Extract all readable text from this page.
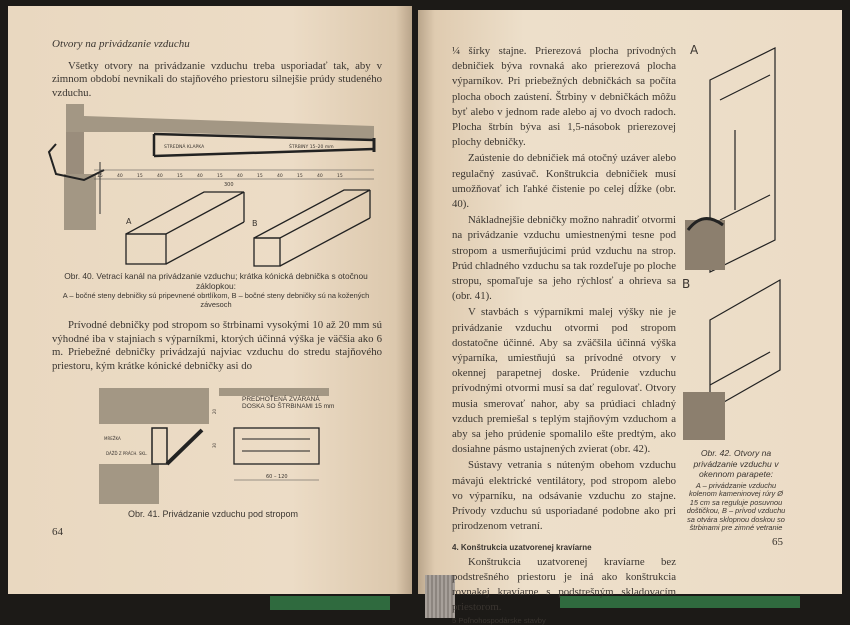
Otvory na privádzanie vzduchu

Všetky otvory na privádzanie vzduchu treba usporiadať tak, aby v zimnom období nevnikali do stajňového priestoru silnejšie prúdy studeného vzduchu.

STREDNÁ KLAPKA	ŠTRBINY 15–20 mm
300
15	40	15	40	15	40	15	40	15	40	15	40	15
A	B
Obr. 40. Vetrací kanál na privádzanie vzduchu; krátka kónická debnička s otočnou záklopkou:
A – bočné steny debničky sú pripevnené obrtlíkom, B – bočné steny debničky sú na kožených závesoch

Prívodné debničky pod stropom so štrbinami vysokými 10 až 20 mm sú výhodné iba v stajniach s výparníkmi, ktorých účinná výška je väčšia ako 6 m. Priebežné debničky privádzajú najviac vzduchu do stredu stajňového priestoru, kým krátke kónické debničky asi do

MREŽKA
DÁŽĎ Z PRÁCH. SKL.
20
30
60 – 120
PREDHOŤENÁ ZVÁRANÁ DOSKA SO ŠTRBINAMI 15 mm
Obr. 41. Privádzanie vzduchu pod stropom
64

¼ šírky stajne. Prierezová plocha prívodných debničiek býva rovnaká ako prierezová plocha výparníkov. Pri priebežných debničkách sa počíta plocha oboch zaústení. Štrbiny v debničkách môžu byť alebo v jednom rade alebo aj vo dvoch radoch. Plocha štrbín býva asi 1,5-násobok prierezovej plochy debničky.

Zaústenie do debničiek má otočný uzáver alebo regulačný zasúvač. Konštrukcia debničiek musí umožňovať ich ľahké čistenie po celej dĺžke (obr. 40).

Nákladnejšie debničky možno nahradiť otvormi na privádzanie vzduchu umiestnenými tesne pod stropom a usmerňujúcimi prúd vzduchu na strop. Prúd chladného vzduchu sa tak rozdeľuje po ploche stropu, spomaľuje sa jeho rýchlosť a ohrieva sa (obr. 41).

V stavbách s výparníkmi malej výšky nie je privádzanie vzduchu otvormi pod stropom dostatočne účinné. Aby sa zväčšila účinná výška výparníka, umiestňujú sa prívodné otvory v okennej parapetnej doske. Prúdenie vzduchu prívodnými otvormi musí sa dať regulovať. Otvory musia smerovať nahor, aby sa prúdiaci chladný vzduch premiešal s teplým stajňovým vzduchom a aby sa jeho prúdenie spomalilo ešte predtým, ako dosiahne pásmo ustajnených zvierat (obr. 42).

Sústavy vetrania s núteným obehom vzduchu mávajú elektrické ventilátory, pod stropom alebo vo výparníku, na odsávanie vzduchu zo stajne. Prívody vzduchu sú usporiadané podobne ako pri prirodzenom vetraní.

4. Konštrukcia uzatvorenej kravíarne

Konštrukcia uzatvorenej kravíarne bez podstrešného priestoru je iná ako konštrukcia rovnakej kravíarne s podstrešným skladovacím priestorom.

5 Poľnohospodárske stavby
65
A
B
Obr. 42. Otvory na privádzanie vzduchu v okennom parapete:
A – privádzanie vzduchu kolenom kameninovej rúry Ø 15 cm sa reguluje posuvnou doštičkou, B – prívod vzduchu sa otvára sklopnou doskou so štrbinami pre zimné vetranie
